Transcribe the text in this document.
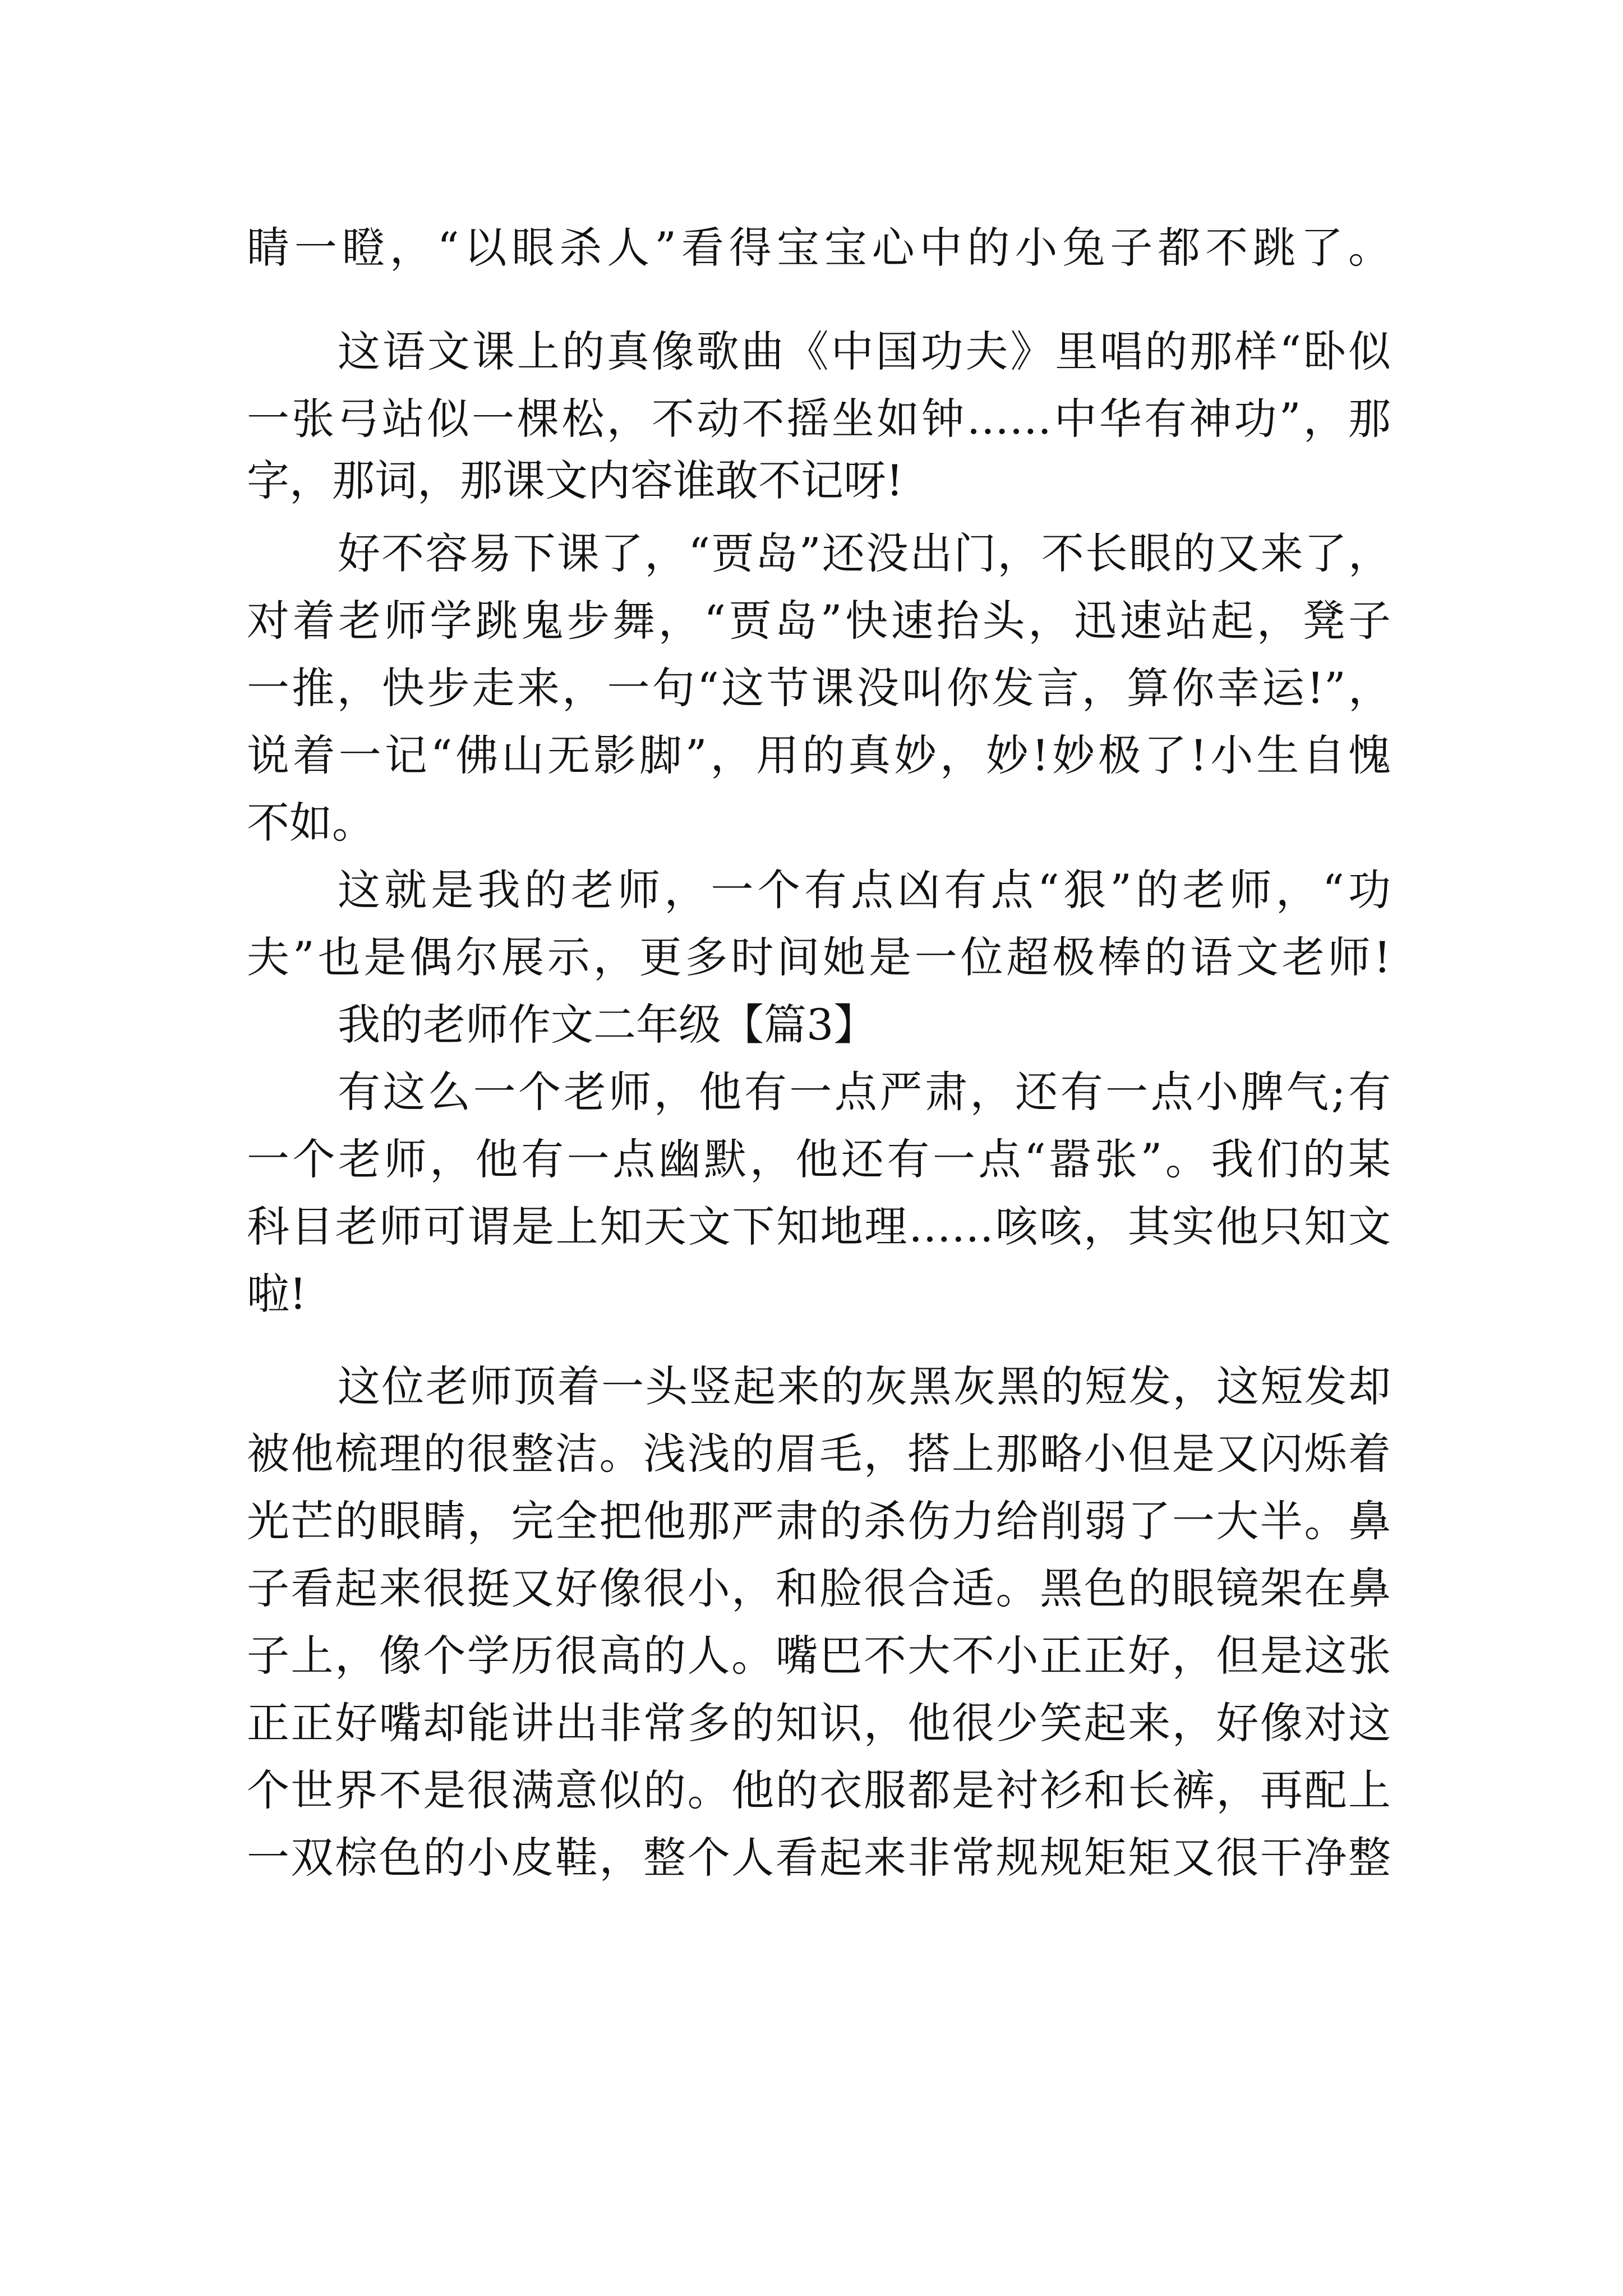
睛一瞪，“以眼杀人”看得宝宝心中的小兔子都不跳了。
这语文课上的真像歌曲《中国功夫》里唱的那样“卧似
一张弓站似一棵松，不动不摇坐如钟……中华有神功”，那
字，那词，那课文内容谁敢不记呀!
好不容易下课了，“贾岛”还没出门，不长眼的又来了，
对着老师学跳鬼步舞，“贾岛”快速抬头，迅速站起，凳子
一推，快步走来，一句“这节课没叫你发言，算你幸运!”，
说着一记“佛山无影脚”，用的真妙，妙!妙极了!小生自愧
不如。
这就是我的老师，一个有点凶有点“狠”的老师，“功
夫”也是偶尔展示，更多时间她是一位超极棒的语文老师!
我的老师作文二年级【篇3】
有这么一个老师，他有一点严肃，还有一点小脾气;有
一个老师，他有一点幽默，他还有一点“嚣张”。我们的某
科目老师可谓是上知天文下知地理……咳咳，其实他只知文
啦!
这位老师顶着一头竖起来的灰黑灰黑的短发，这短发却
被他梳理的很整洁。浅浅的眉毛，搭上那略小但是又闪烁着
光芒的眼睛，完全把他那严肃的杀伤力给削弱了一大半。鼻
子看起来很挺又好像很小，和脸很合适。黑色的眼镜架在鼻
子上，像个学历很高的人。嘴巴不大不小正正好，但是这张
正正好嘴却能讲出非常多的知识，他很少笑起来，好像对这
个世界不是很满意似的。他的衣服都是衬衫和长裤，再配上
一双棕色的小皮鞋，整个人看起来非常规规矩矩又很干净整
